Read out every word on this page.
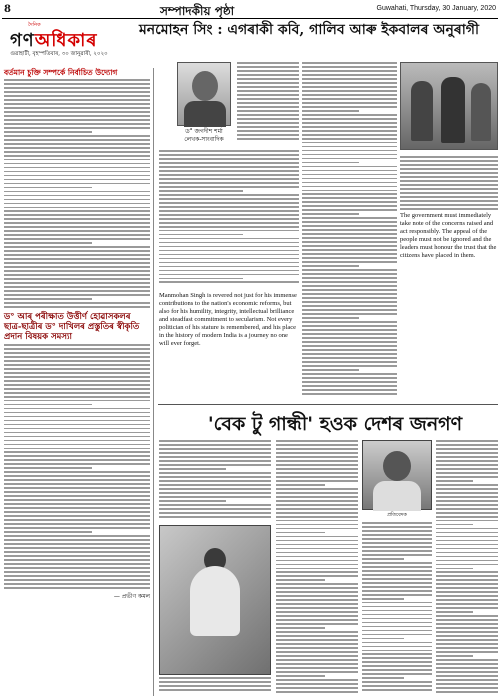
8	সম্পাদকীয় পৃষ্ঠা	Guwahati, Thursday, 30 January, 2020
দৈনিক
গণঅধিকাৰ
গুৱাহাটী, বৃহস্পতিবাৰ, ৩০ জানুৱাৰী, ২০২০
মনমোহন সিং : এগৰাকী কবি, গালিব আৰু ইকবালৰ অনুৰাগী
বৰ্তমান চুক্তি সম্পৰ্কে নিৰ্বাচিত উদ্যোগ
ড° আৰ্ পৰীক্ষাত উত্তীৰ্ণ হোৱাসকলৰ ছাত্ৰ-ছাত্ৰীৰ ড° দাখিলৰ প্ৰস্তুতিৰ স্বীকৃতি প্ৰদান বিষয়ক সমস্যা
— প্ৰভীণ কমল
ড° জগদীশ শৰ্মা
লেখক-সাংবাদিক
Manmohan Singh is revered not just for his immense contributions to the nation's economic reforms, but also for his humility, integrity, intellectual brilliance and steadfast commitment to secularism. Not every politician of his stature is remembered, and his place in the history of modern India is a journey no one will ever forget.
The government must immediately take note of the concerns raised and act responsibly. The appeal of the people must not be ignored and the leaders must honour the trust that the citizens have placed in them.
'বেক টু গান্ধী' হওক দেশৰ জনগণ
প্ৰতিবেদক
